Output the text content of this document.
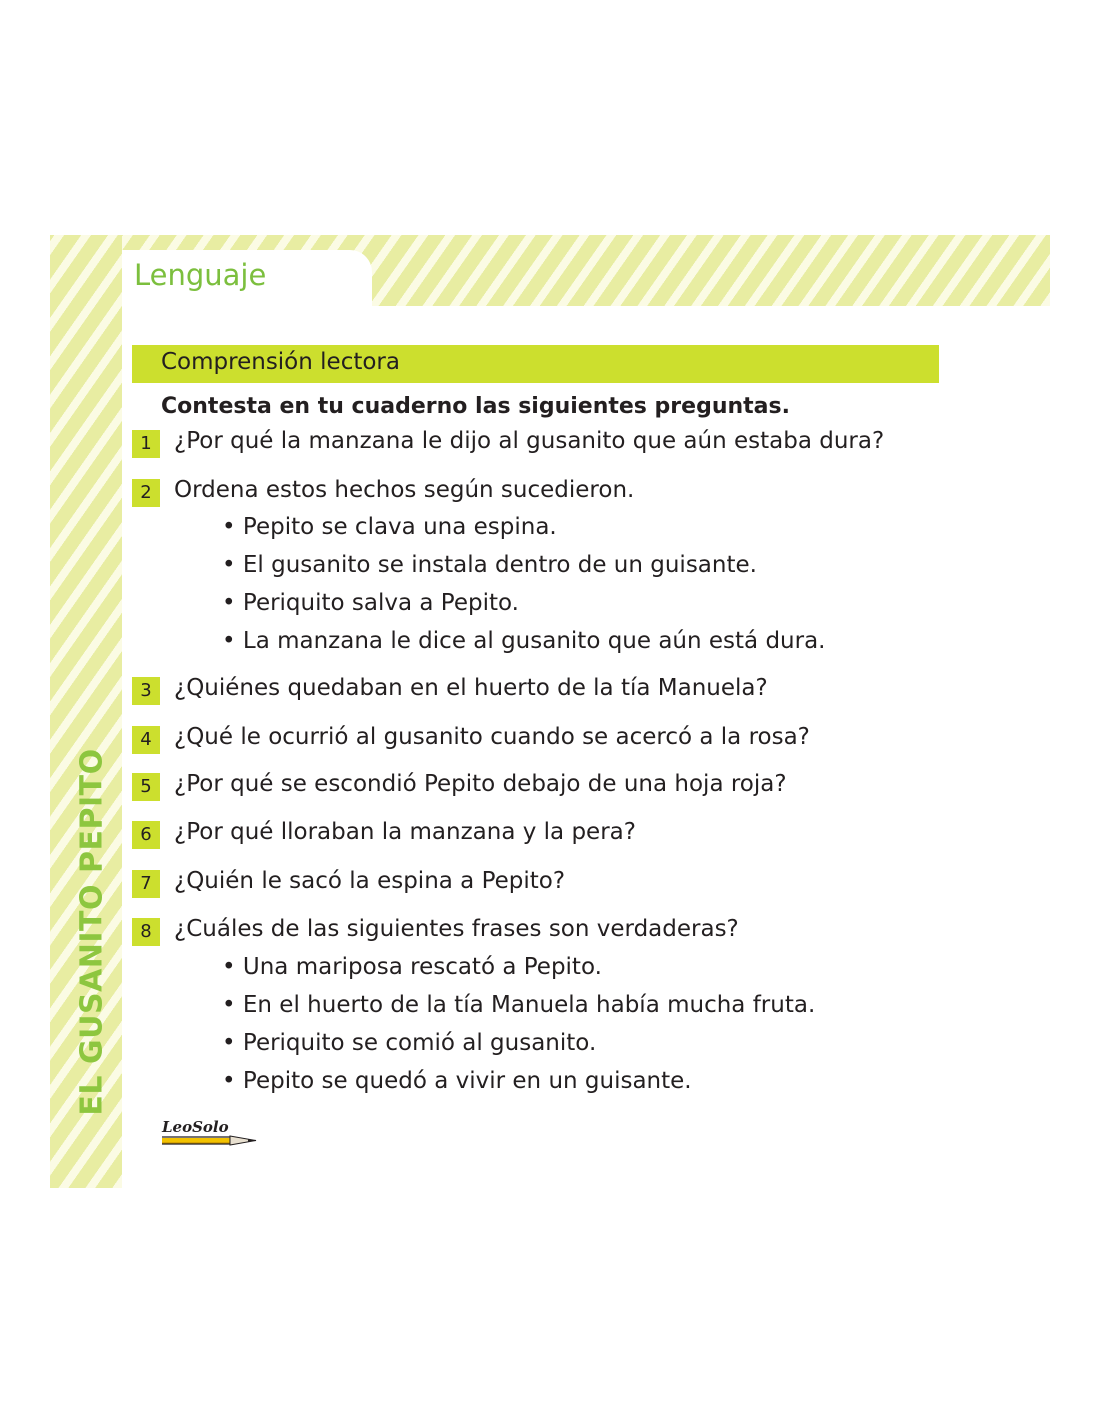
Lenguaje
EL GUSANITO PEPITO
Comprensión lectora
Contesta en tu cuaderno las siguientes preguntas.
1 ¿Por qué la manzana le dijo al gusanito que aún estaba dura?
2 Ordena estos hechos según sucedieron.
• Pepito se clava una espina.
• El gusanito se instala dentro de un guisante.
• Periquito salva a Pepito.
• La manzana le dice al gusanito que aún está dura.
3 ¿Quiénes quedaban en el huerto de la tía Manuela?
4 ¿Qué le ocurrió al gusanito cuando se acercó a la rosa?
5 ¿Por qué se escondió Pepito debajo de una hoja roja?
6 ¿Por qué lloraban la manzana y la pera?
7 ¿Quién le sacó la espina a Pepito?
8 ¿Cuáles de las siguientes frases son verdaderas?
• Una mariposa rescató a Pepito.
• En el huerto de la tía Manuela había mucha fruta.
• Periquito se comió al gusanito.
• Pepito se quedó a vivir en un guisante.
LeoSolo
